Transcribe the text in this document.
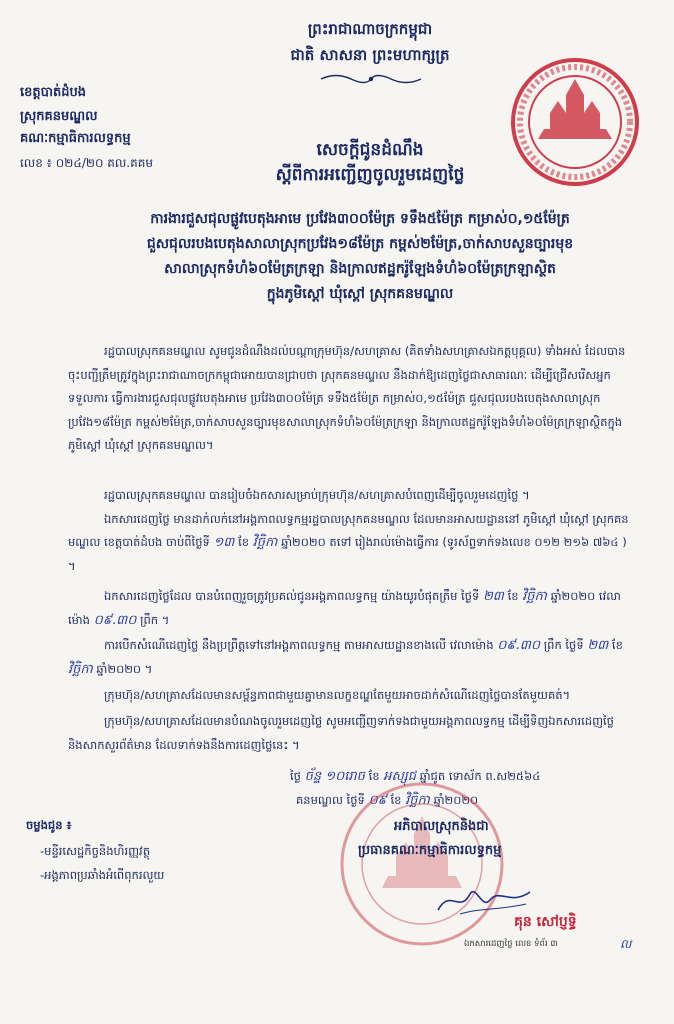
ព្រះរាជាណាចក្រកម្ពុជា
ជាតិ សាសនា ព្រះមហាក្សត្រ
ខេត្តបាត់ដំបង
ស្រុកគនមណ្ឌល
គណៈកម្មាធិការលទ្ធកម្ម
លេខ ៖ ០២៤/២០ គល.គគម
សេចក្តីជូនដំណឹង
ស្តីពីការអញ្ជើញចូលរួមដេញថ្លៃ
ការងារជួសជុលផ្លូវបេតុងអាមេ ប្រវែង៣០០ម៉ែត្រ ទទឹង៥ម៉ែត្រ កម្រាស់០,១៥ម៉ែត្រ
ជួសជុលរបងបេតុងសាលាស្រុកប្រវែង១៨ម៉ែត្រ កម្ពស់២ម៉ែត្រ,ចាក់សាបសួនច្បារមុខ
សាលាស្រុកទំហំ៦០ម៉ែត្រក្រឡា និងក្រាលឥដ្ឋករ៉ូឡែងទំហំ៦០ម៉ែត្រក្រឡាស្ថិត
ក្នុងភូមិស្តៅ ឃុំស្តៅ ស្រុកគនមណ្ឌល

រដ្ឋបាលស្រុកគនមណ្ឌល សូមជូនដំណឹងដល់បណ្តាក្រុមហ៊ុន/សហគ្រាស (គិតទាំងសហគ្រាសឯកត្តបុគ្គល) ទាំងអស់ ដែលបានចុះបញ្ជីត្រឹមត្រូវក្នុងព្រះរាជាណាចក្រកម្ពុជាអោយបានជ្រាបថា ស្រុកគនមណ្ឌល នឹងដាក់ឱ្យដេញថ្លៃជាសាធារណៈ ដើម្បីជ្រើសរើសអ្នកទទួលការ ធ្វើការងារជួសជុលផ្លូវបេតុងអាមេ ប្រវែង៣០០ម៉ែត្រ ទទឹង៥ម៉ែត្រ កម្រាស់០,១៥ម៉ែត្រ ជួសជុលរបងបេតុងសាលាស្រុកប្រវែង១៨ម៉ែត្រ កម្ពស់២ម៉ែត្រ,ចាក់សាបសួនច្បារមុខសាលាស្រុកទំហំ៦០ម៉ែត្រក្រឡា និងក្រាលឥដ្ឋករ៉ូឡែងទំហំ៦០ម៉ែត្រក្រឡាស្ថិតក្នុងភូមិស្តៅ ឃុំស្តៅ ស្រុកគនមណ្ឌល។

រដ្ឋបាលស្រុកគនមណ្ឌល បានរៀបចំឯកសារសម្រាប់ក្រុមហ៊ុន/សហគ្រាសបំពេញដើម្បីចូលរួមដេញថ្លៃ ។

ឯកសារដេញថ្លៃ មានដាក់លក់នៅអង្គភាពលទ្ធកម្មរដ្ឋបាលស្រុកគនមណ្ឌល ដែលមានអាសយដ្ឋាននៅ ភូមិស្តៅ ឃុំស្តៅ ស្រុកគនមណ្ឌល ខេត្តបាត់ដំបង ចាប់ពីថ្ងៃទី ១៣ ខែ វិច្ឆិកា ឆ្នាំ២០២០ តទៅ រៀងរាល់ម៉ោងធ្វើការ (ទូរស័ព្ទទាក់ទងលេខ ០១២ ២១៦ ៧៦៤ ) ។

ឯកសារដេញថ្លៃដែល បានបំពេញរួចត្រូវប្រគល់ជូនអង្គភាពលទ្ធកម្ម យ៉ាងយូរបំផុតត្រឹម ថ្ងៃទី ២៣ ខែ វិច្ឆិកា ឆ្នាំ២០២០ វេលាម៉ោង ០៩.៣០ ព្រឹក ។

ការបើកសំណើដេញថ្លៃ នឹងប្រព្រឹត្តទៅនៅអង្គភាពលទ្ធកម្ម តាមអាសយដ្ឋានខាងលើ វេលាម៉ោង ០៩.៣០ ព្រឹក ថ្ងៃទី ២៣ ខែ វិច្ឆិកា ឆ្នាំ២០២០ ។

ក្រុមហ៊ុន/សហគ្រាសដែលមានសម្ព័ន្ធភាពជាមួយគ្នាមានលក្ខខណ្ឌតែមួយអាចដាក់សំណើដេញថ្លៃបានតែមួយគត់។

ក្រុមហ៊ុន/សហគ្រាសដែលមានបំណងចូលរួមដេញថ្លៃ សូមអញ្ជើញទាក់ទងជាមួយអង្គភាពលទ្ធកម្ម ដើម្បីទិញឯកសារដេញថ្លៃ និងសាកសួរព័ត៌មាន ដែលទាក់ទងនឹងការដេញថ្លៃនេះ ។

ថ្ងៃ ច័ន្ទ ១០រោច ខែ អស្សុជ ឆ្នាំជូត ទោស័ក ព.ស២៥៦៤
គនមណ្ឌល ថ្ងៃទី ០៩ ខែ វិច្ឆិកា ឆ្នាំ២០២០
អភិបាលស្រុកនិងជា
ប្រធានគណៈកម្មាធិការលទ្ធកម្ម
គុន សៅប្ញទ្ធិ
ឯកសារដេញថ្លៃ លេខ ទំព័រ ៣	ល
ចម្លងជូន ៖
-មន្ទីរសេដ្ឋកិច្ចនិងហិរញ្ញវត្ថុ
-អង្គភាពប្រឆាំងអំពើពុករលួយ
